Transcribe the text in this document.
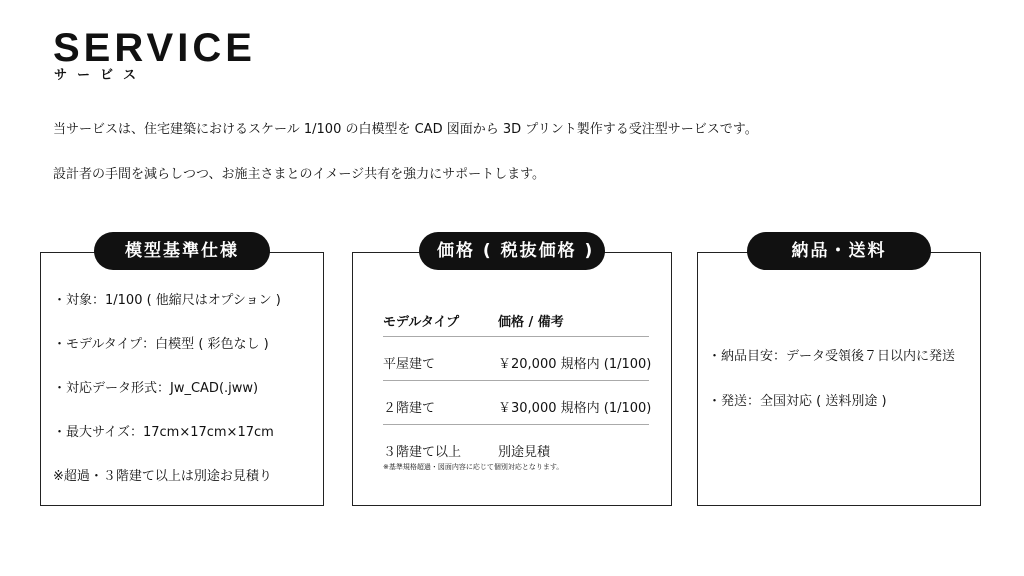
SERVICE
サービス

当サービスは、住宅建築におけるスケール 1/100 の白模型を CAD 図面から 3D プリント製作する受注型サービスです。

設計者の手間を減らしつつ、お施主さまとのイメージ共有を強力にサポートします。

模型基準仕様
・対象：1/100 ( 他縮尺はオプション )
・モデルタイプ：白模型 ( 彩色なし )
・対応データ形式：Jw_CAD(.jww)
・最大サイズ：17cm×17cm×17cm
※超過・３階建て以上は別途お見積り
価格 ( 税抜価格 )
モデルタイプ	価格 / 備考
平屋建て	￥20,000 規格内 (1/100)
２階建て	￥30,000 規格内 (1/100)
３階建て以上	別途見積
※基準規格超過・図面内容に応じて個別対応となります。
納品・送料
・納品目安：データ受領後７日以内に発送
・発送：全国対応 ( 送料別途 )
